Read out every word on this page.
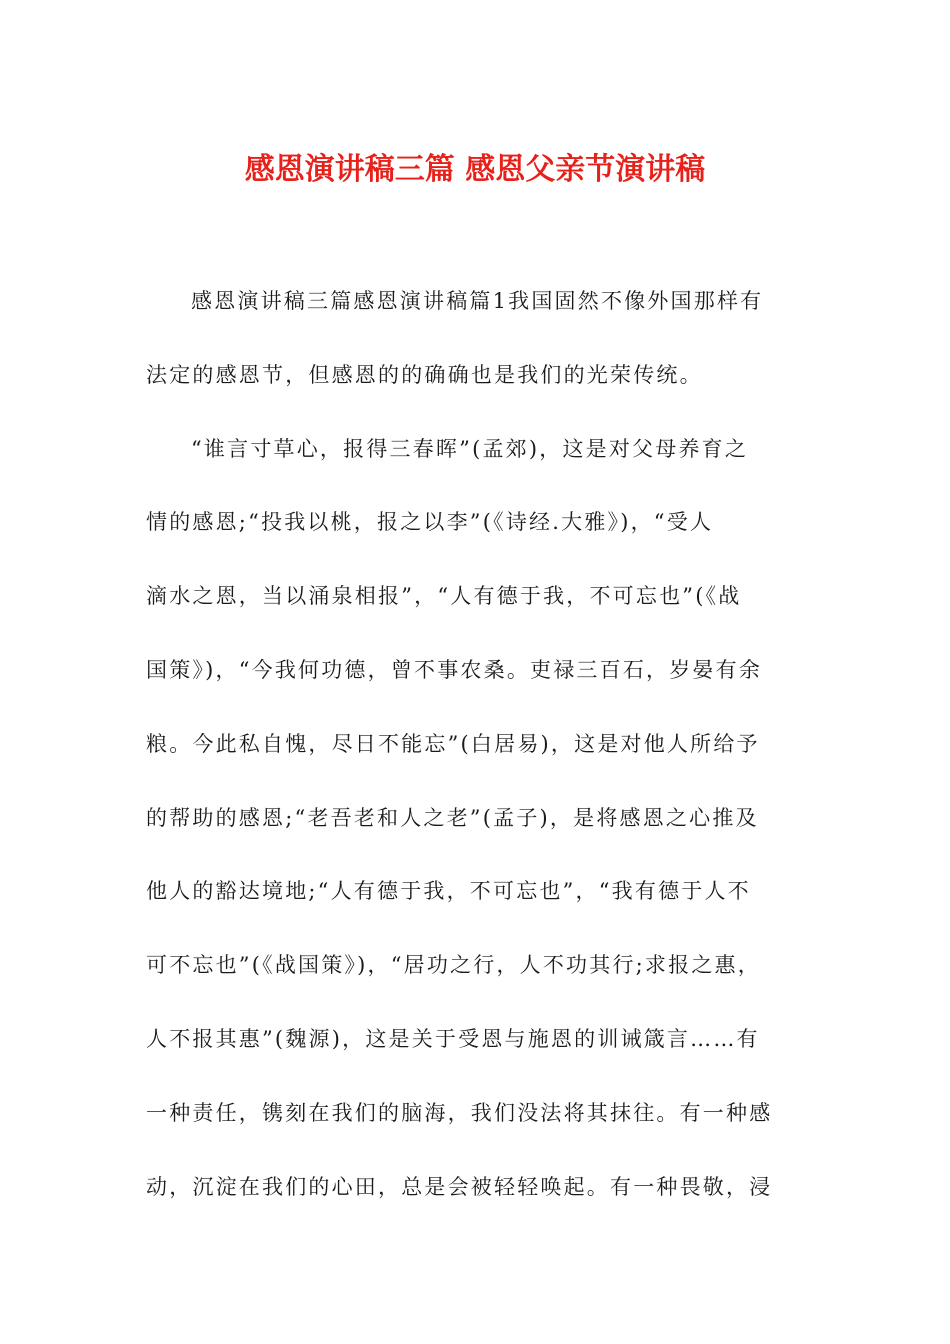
感恩演讲稿三篇 感恩父亲节演讲稿
感恩演讲稿三篇感恩演讲稿篇1我国固然不像外国那样有
法定的感恩节，但感恩的的确确也是我们的光荣传统。
“谁言寸草心，报得三春晖”(孟郊)，这是对父母养育之
情的感恩;“投我以桃，报之以李”(《诗经.大雅》)，“受人
滴水之恩，当以涌泉相报”，“人有德于我，不可忘也”(《战
国策》)，“今我何功德，曾不事农桑。吏禄三百石，岁晏有余
粮。今此私自愧，尽日不能忘”(白居易)，这是对他人所给予
的帮助的感恩;“老吾老和人之老”(孟子)，是将感恩之心推及
他人的豁达境地;“人有德于我，不可忘也”，“我有德于人不
可不忘也”(《战国策》)，“居功之行，人不功其行;求报之惠，
人不报其惠”(魏源)，这是关于受恩与施恩的训诫箴言……有
一种责任，镌刻在我们的脑海，我们没法将其抹往。有一种感
动，沉淀在我们的心田，总是会被轻轻唤起。有一种畏敬，浸
